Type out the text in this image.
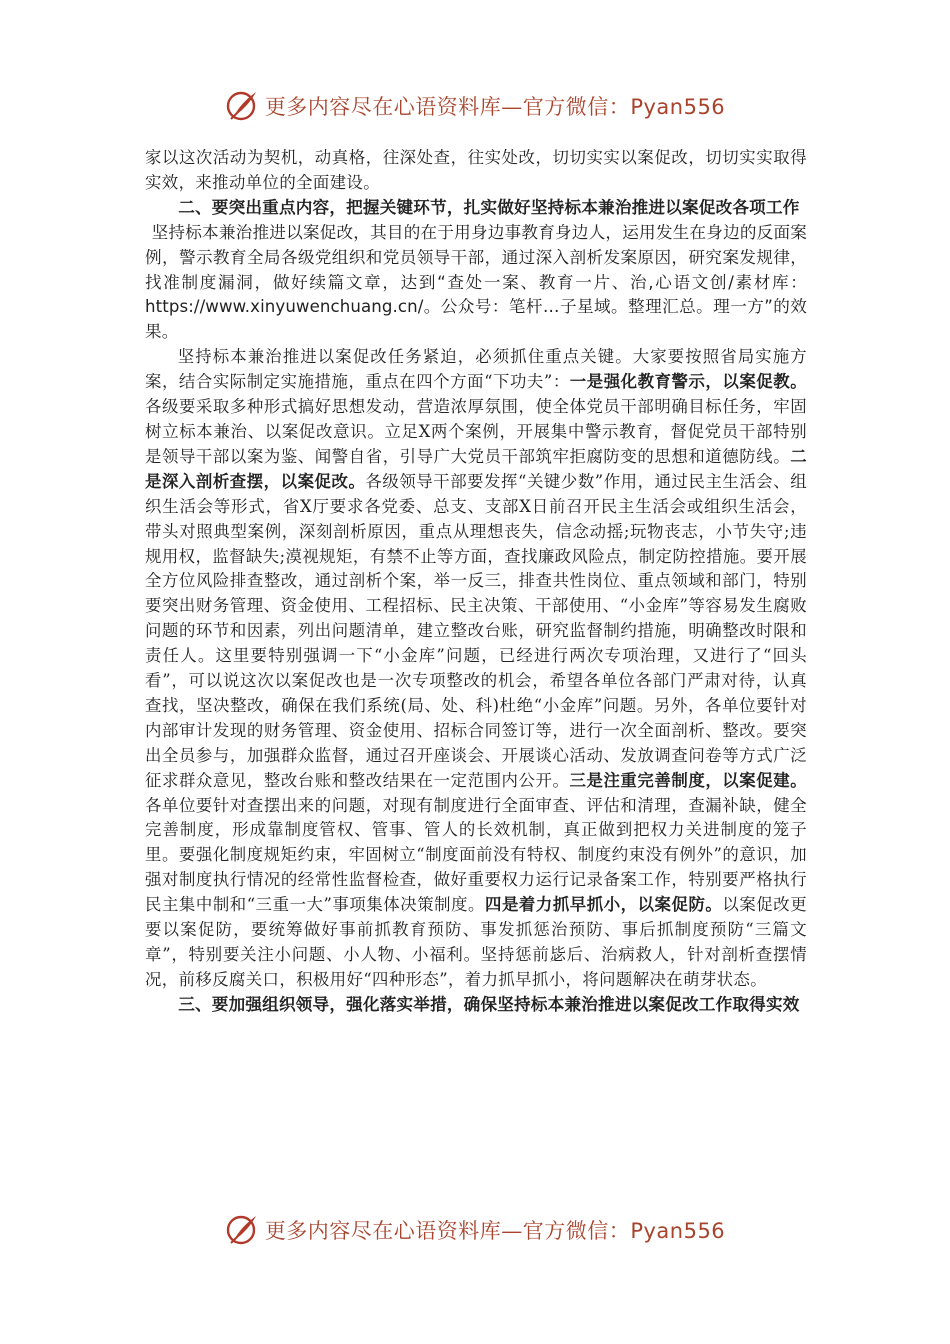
更多内容尽在心语资料库—官方微信：Pyan556

家以这次活动为契机，动真格，往深处查，往实处改，切切实实以案促改，切切实实取得实效，来推动单位的全面建设。

二、要突出重点内容，把握关键环节，扎实做好坚持标本兼治推进以案促改各项工作

坚持标本兼治推进以案促改，其目的在于用身边事教育身边人，运用发生在身边的反面案例，警示教育全局各级党组织和党员领导干部，通过深入剖析发案原因，研究案发规律，找准制度漏洞，做好续篇文章，达到“查处一案、教育一片、治,心语文创/素材库：https://www.xinyuwenchuang.cn/。公众号：笔杆…子星域。整理汇总。理一方”的效果。

坚持标本兼治推进以案促改任务紧迫，必须抓住重点关键。大家要按照省局实施方案，结合实际制定实施措施，重点在四个方面“下功夫”：一是强化教育警示，以案促教。各级要采取多种形式搞好思想发动，营造浓厚氛围，使全体党员干部明确目标任务，牢固树立标本兼治、以案促改意识。立足X两个案例，开展集中警示教育，督促党员干部特别是领导干部以案为鉴、闻警自省，引导广大党员干部筑牢拒腐防变的思想和道德防线。二是深入剖析查摆，以案促改。各级领导干部要发挥“关键少数”作用，通过民主生活会、组织生活会等形式，省X厅要求各党委、总支、支部X日前召开民主生活会或组织生活会，带头对照典型案例，深刻剖析原因，重点从理想丧失，信念动摇;玩物丧志，小节失守;违规用权，监督缺失;漠视规矩，有禁不止等方面，查找廉政风险点，制定防控措施。要开展全方位风险排查整改，通过剖析个案，举一反三，排查共性岗位、重点领域和部门，特别要突出财务管理、资金使用、工程招标、民主决策、干部使用、“小金库”等容易发生腐败问题的环节和因素，列出问题清单，建立整改台账，研究监督制约措施，明确整改时限和责任人。这里要特别强调一下“小金库”问题，已经进行两次专项治理，又进行了“回头看”，可以说这次以案促改也是一次专项整改的机会，希望各单位各部门严肃对待，认真查找，坚决整改，确保在我们系统(局、处、科)杜绝“小金库”问题。另外，各单位要针对内部审计发现的财务管理、资金使用、招标合同签订等，进行一次全面剖析、整改。要突出全员参与，加强群众监督，通过召开座谈会、开展谈心活动、发放调查问卷等方式广泛征求群众意见，整改台账和整改结果在一定范围内公开。三是注重完善制度，以案促建。各单位要针对查摆出来的问题，对现有制度进行全面审查、评估和清理，查漏补缺，健全完善制度，形成靠制度管权、管事、管人的长效机制，真正做到把权力关进制度的笼子里。要强化制度规矩约束，牢固树立“制度面前没有特权、制度约束没有例外”的意识，加强对制度执行情况的经常性监督检查，做好重要权力运行记录备案工作，特别要严格执行民主集中制和“三重一大”事项集体决策制度。四是着力抓早抓小，以案促防。以案促改更要以案促防，要统筹做好事前抓教育预防、事发抓惩治预防、事后抓制度预防“三篇文章”，特别要关注小问题、小人物、小福利。坚持惩前毖后、治病救人，针对剖析查摆情况，前移反腐关口，积极用好“四种形态”，着力抓早抓小，将问题解决在萌芽状态。

三、要加强组织领导，强化落实举措，确保坚持标本兼治推进以案促改工作取得实效

更多内容尽在心语资料库—官方微信：Pyan556
